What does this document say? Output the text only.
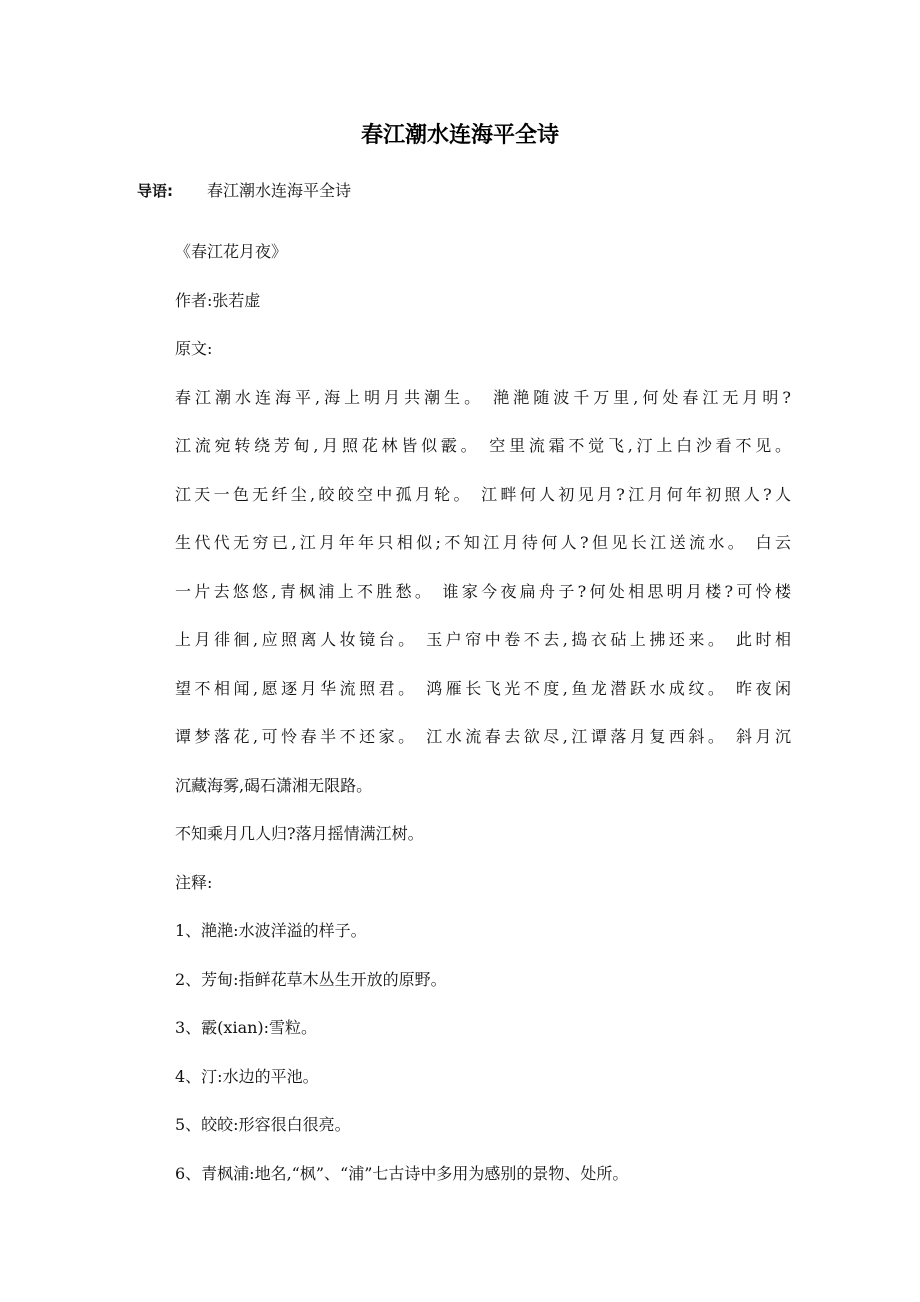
春江潮水连海平全诗
导语: 春江潮水连海平全诗
《春江花月夜》
作者:张若虚
原文:
春江潮水连海平,海上明月共潮生。 滟滟随波千万里,何处春江无月明?
江流宛转绕芳甸,月照花林皆似霰。 空里流霜不觉飞,汀上白沙看不见。
江天一色无纤尘,皎皎空中孤月轮。 江畔何人初见月?江月何年初照人?人
生代代无穷已,江月年年只相似;不知江月待何人?但见长江送流水。 白云
一片去悠悠,青枫浦上不胜愁。 谁家今夜扁舟子?何处相思明月楼?可怜楼
上月徘徊,应照离人妆镜台。 玉户帘中卷不去,捣衣砧上拂还来。 此时相
望不相闻,愿逐月华流照君。 鸿雁长飞光不度,鱼龙潜跃水成纹。 昨夜闲
谭梦落花,可怜春半不还家。 江水流春去欲尽,江谭落月复西斜。 斜月沉
沉藏海雾,碣石潇湘无限路。
不知乘月几人归?落月摇情满江树。
注释:
1、滟滟:水波洋溢的样子。
2、芳甸:指鲜花草木丛生开放的原野。
3、霰(xian):雪粒。
4、汀:水边的平池。
5、皎皎:形容很白很亮。
6、青枫浦:地名,“枫”、“浦”七古诗中多用为感别的景物、处所。
